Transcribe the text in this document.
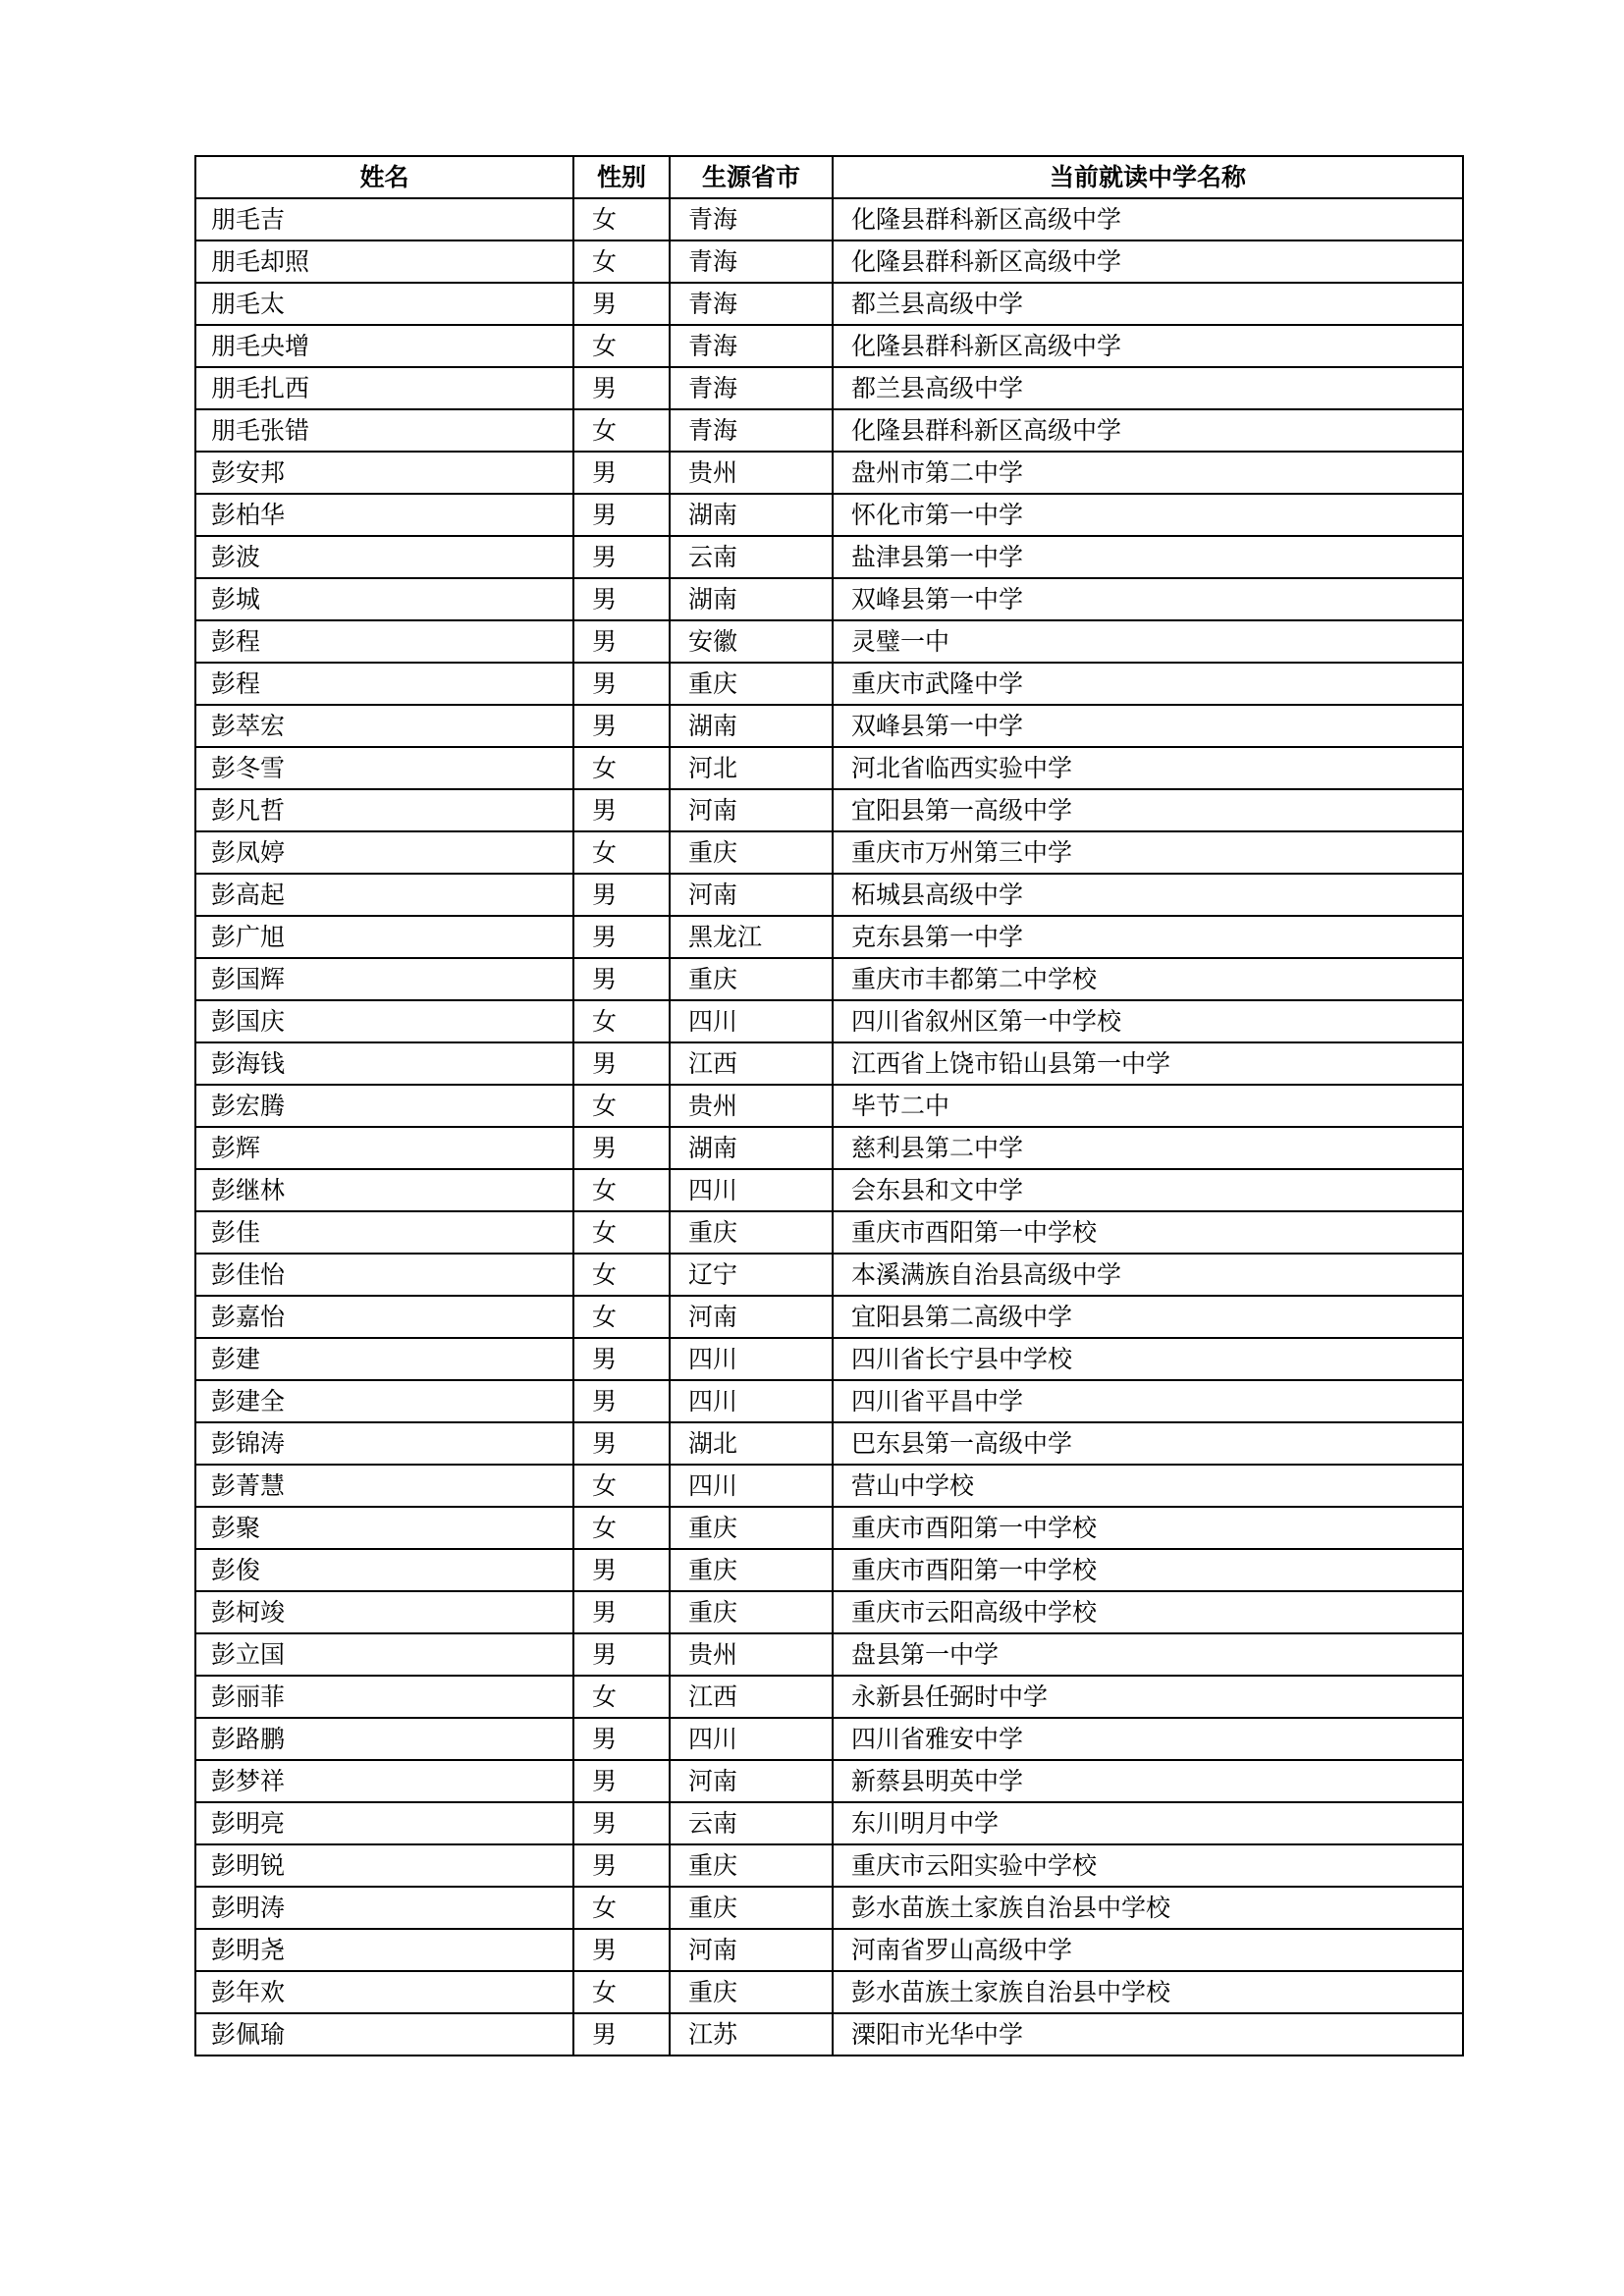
姓名	性别	生源省市	当前就读中学名称
朋毛吉	女	青海	化隆县群科新区高级中学
朋毛却照	女	青海	化隆县群科新区高级中学
朋毛太	男	青海	都兰县高级中学
朋毛央增	女	青海	化隆县群科新区高级中学
朋毛扎西	男	青海	都兰县高级中学
朋毛张错	女	青海	化隆县群科新区高级中学
彭安邦	男	贵州	盘州市第二中学
彭柏华	男	湖南	怀化市第一中学
彭波	男	云南	盐津县第一中学
彭城	男	湖南	双峰县第一中学
彭程	男	安徽	灵璧一中
彭程	男	重庆	重庆市武隆中学
彭萃宏	男	湖南	双峰县第一中学
彭冬雪	女	河北	河北省临西实验中学
彭凡哲	男	河南	宜阳县第一高级中学
彭凤婷	女	重庆	重庆市万州第三中学
彭高起	男	河南	柘城县高级中学
彭广旭	男	黑龙江	克东县第一中学
彭国辉	男	重庆	重庆市丰都第二中学校
彭国庆	女	四川	四川省叙州区第一中学校
彭海钱	男	江西	江西省上饶市铅山县第一中学
彭宏腾	女	贵州	毕节二中
彭辉	男	湖南	慈利县第二中学
彭继林	女	四川	会东县和文中学
彭佳	女	重庆	重庆市酉阳第一中学校
彭佳怡	女	辽宁	本溪满族自治县高级中学
彭嘉怡	女	河南	宜阳县第二高级中学
彭建	男	四川	四川省长宁县中学校
彭建全	男	四川	四川省平昌中学
彭锦涛	男	湖北	巴东县第一高级中学
彭菁慧	女	四川	营山中学校
彭聚	女	重庆	重庆市酉阳第一中学校
彭俊	男	重庆	重庆市酉阳第一中学校
彭柯竣	男	重庆	重庆市云阳高级中学校
彭立国	男	贵州	盘县第一中学
彭丽菲	女	江西	永新县任弼时中学
彭路鹏	男	四川	四川省雅安中学
彭梦祥	男	河南	新蔡县明英中学
彭明亮	男	云南	东川明月中学
彭明锐	男	重庆	重庆市云阳实验中学校
彭明涛	女	重庆	彭水苗族土家族自治县中学校
彭明尧	男	河南	河南省罗山高级中学
彭年欢	女	重庆	彭水苗族土家族自治县中学校
彭佩瑜	男	江苏	溧阳市光华中学
